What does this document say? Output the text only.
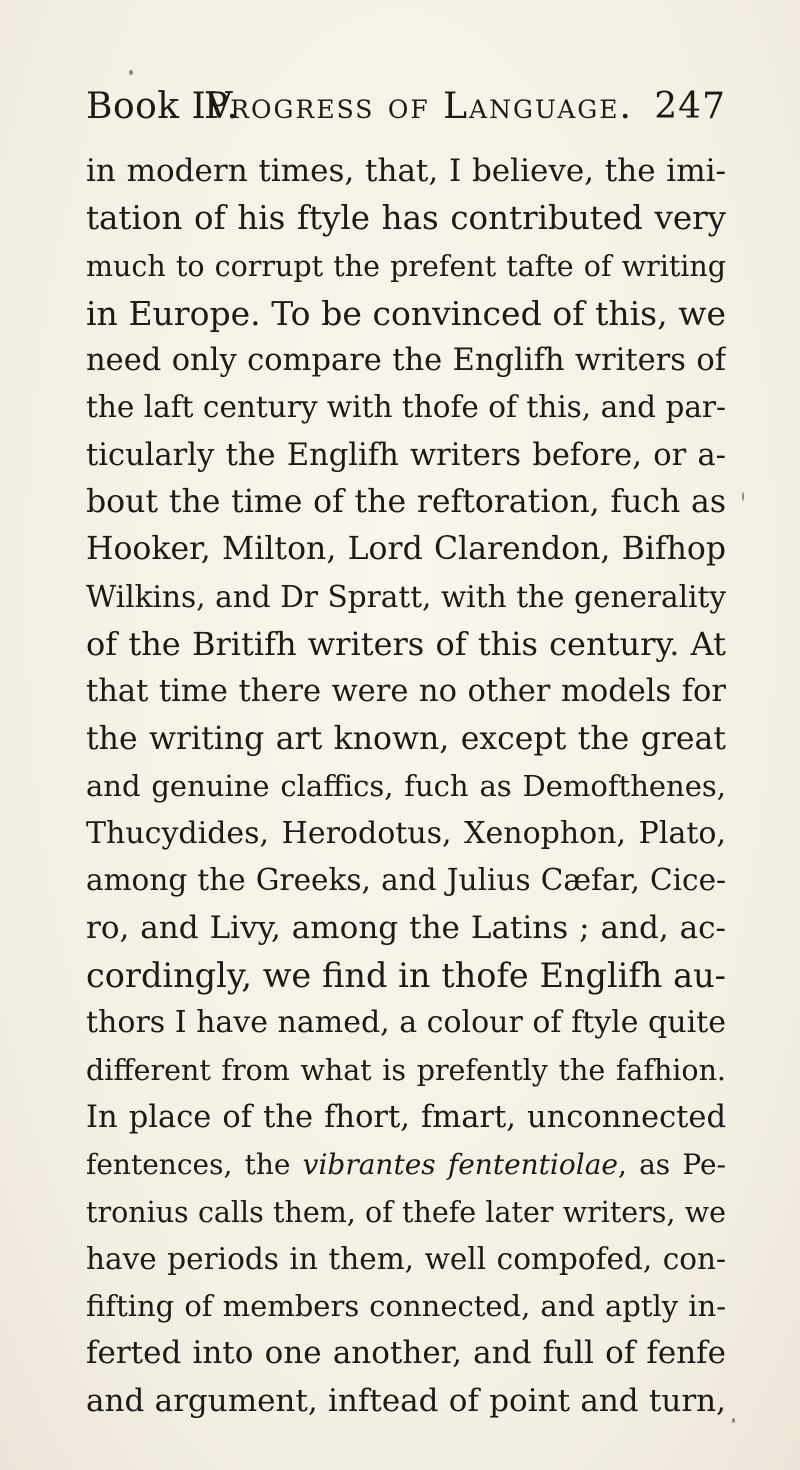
Book IV.
Progress of Language. 247
in modern times, that, I believe, the imi-
tation of his ftyle has contributed very
much to corrupt the prefent tafte of writing
in Europe. To be convinced of this, we
need only compare the Englifh writers of
the laft century with thofe of this, and par-
ticularly the Englifh writers before, or a-
bout the time of the reftoration, fuch as
Hooker, Milton, Lord Clarendon, Bifhop
Wilkins, and Dr Spratt, with the generality
of the Britifh writers of this century. At
that time there were no other models for
the writing art known, except the great
and genuine claffics, fuch as Demofthenes,
Thucydides, Herodotus, Xenophon, Plato,
among the Greeks, and Julius Cæfar, Cice-
ro, and Livy, among the Latins ; and, ac-
cordingly, we find in thofe Englifh au-
thors I have named, a colour of ftyle quite
different from what is prefently the fafhion.
In place of the fhort, fmart, unconnected
fentences, the vibrantes fententiolae, as Pe-
tronius calls them, of thefe later writers, we
have periods in them, well compofed, con-
fifting of members connected, and aptly in-
ferted into one another, and full of fenfe
and argument, inftead of point and turn,
